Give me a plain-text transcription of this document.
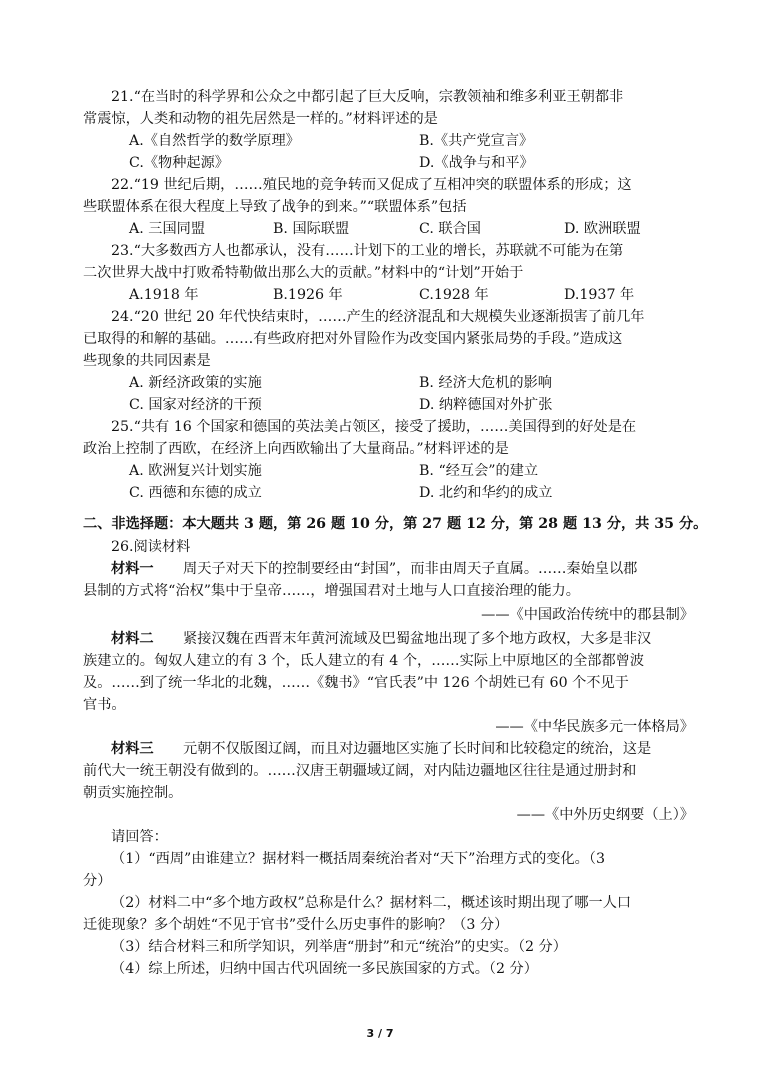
21.“在当时的科学界和公众之中都引起了巨大反响，宗教领袖和维多利亚王朝都非
常震惊，人类和动物的祖先居然是一样的。”材料评述的是
A.《自然哲学的数学原理》	B.《共产党宣言》
C.《物种起源》	D.《战争与和平》
22.“19 世纪后期，……殖民地的竞争转而又促成了互相冲突的联盟体系的形成；这
些联盟体系在很大程度上导致了战争的到来。”“联盟体系”包括
A. 三国同盟	B. 国际联盟	C. 联合国	D. 欧洲联盟
23.“大多数西方人也都承认，没有……计划下的工业的增长，苏联就不可能为在第
二次世界大战中打败希特勒做出那么大的贡献。”材料中的“计划”开始于
A.1918 年	B.1926 年	C.1928 年	D.1937 年
24.“20 世纪 20 年代快结束时，……产生的经济混乱和大规模失业逐渐损害了前几年
已取得的和解的基础。……有些政府把对外冒险作为改变国内紧张局势的手段。”造成这
些现象的共同因素是
A. 新经济政策的实施	B. 经济大危机的影响
C. 国家对经济的干预	D. 纳粹德国对外扩张
25.“共有 16 个国家和德国的英法美占领区，接受了援助，……美国得到的好处是在
政治上控制了西欧，在经济上向西欧输出了大量商品。”材料评述的是
A. 欧洲复兴计划实施	B. “经互会”的建立
C. 西德和东德的成立	D. 北约和华约的成立
二、非选择题：本大题共 3 题，第 26 题 10 分，第 27 题 12 分，第 28 题 13 分，共 35 分。
26.阅读材料
材料一 周天子对天下的控制要经由“封国”，而非由周天子直属。……秦始皇以郡
县制的方式将“治权”集中于皇帝……，增强国君对土地与人口直接治理的能力。
——《中国政治传统中的郡县制》
材料二 紧接汉魏在西晋末年黄河流域及巴蜀盆地出现了多个地方政权，大多是非汉
族建立的。匈奴人建立的有 3 个，氐人建立的有 4 个，……实际上中原地区的全部都曾波
及。……到了统一华北的北魏，……《魏书》“官氏表”中 126 个胡姓已有 60 个不见于
官书。
——《中华民族多元一体格局》
材料三 元朝不仅版图辽阔，而且对边疆地区实施了长时间和比较稳定的统治，这是
前代大一统王朝没有做到的。……汉唐王朝疆域辽阔，对内陆边疆地区往往是通过册封和
朝贡实施控制。
——《中外历史纲要（上）》
请回答：
（1）“西周”由谁建立？据材料一概括周秦统治者对“天下”治理方式的变化。（3
分）
（2）材料二中“多个地方政权”总称是什么？据材料二，概述该时期出现了哪一人口
迁徙现象？多个胡姓“不见于官书”受什么历史事件的影响？（3 分）
（3）结合材料三和所学知识，列举唐“册封”和元“统治”的史实。（2 分）
（4）综上所述，归纳中国古代巩固统一多民族国家的方式。（2 分）
3 / 7
